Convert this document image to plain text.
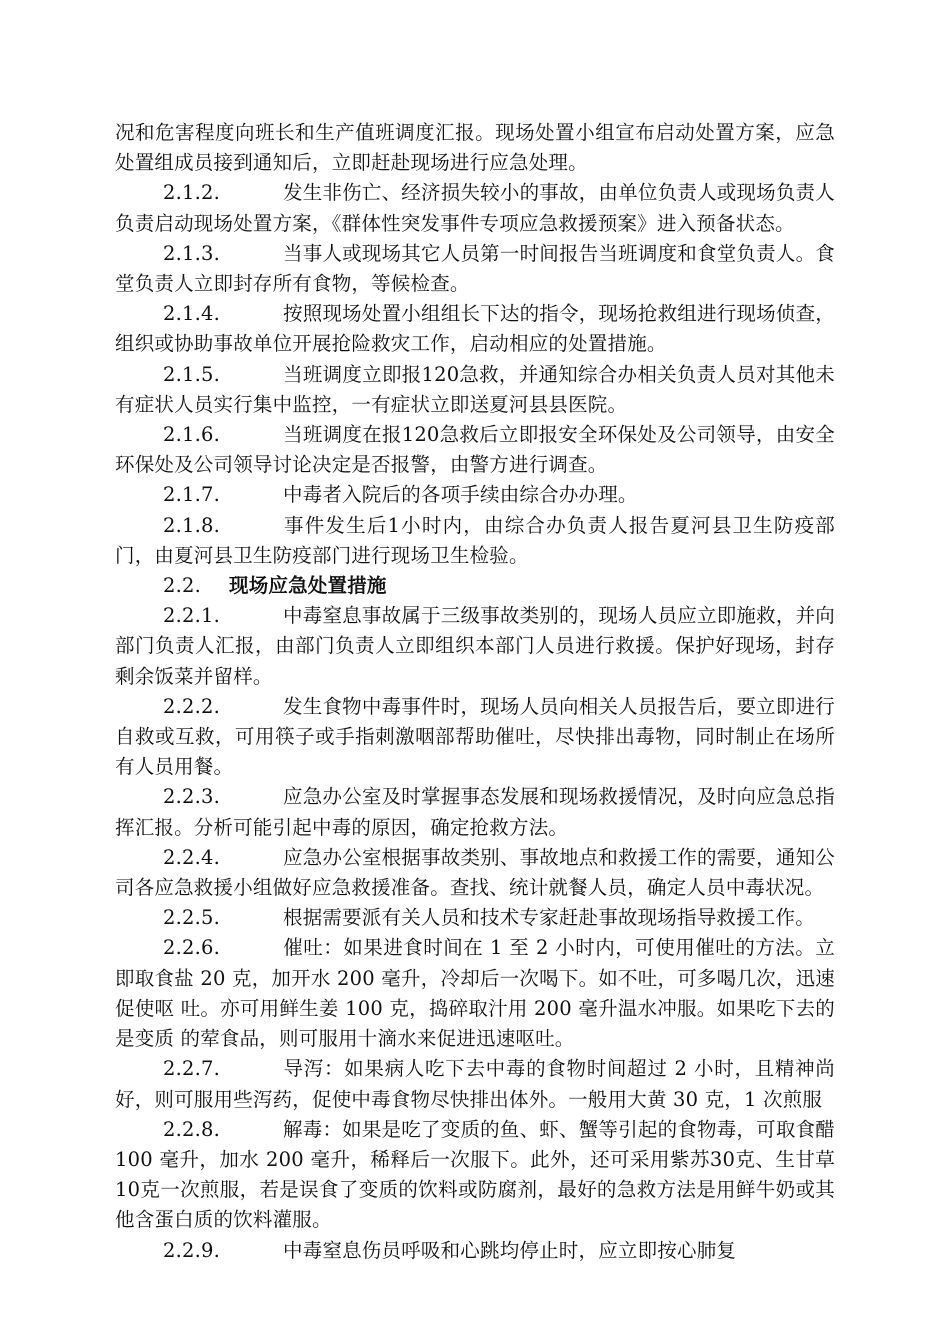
况和危害程度向班长和生产值班调度汇报。现场处置小组宣布启动处置方案，应急处置组成员接到通知后，立即赶赴现场进行应急处理。

2.1.2.	发生非伤亡、经济损失较小的事故，由单位负责人或现场负责人负责启动现场处置方案，《群体性突发事件专项应急救援预案》进入预备状态。

2.1.3.	当事人或现场其它人员第一时间报告当班调度和食堂负责人。食堂负责人立即封存所有食物，等候检查。

2.1.4.	按照现场处置小组组长下达的指令，现场抢救组进行现场侦查，组织或协助事故单位开展抢险救灾工作，启动相应的处置措施。

2.1.5.	当班调度立即报120急救，并通知综合办相关负责人员对其他未有症状人员实行集中监控，一有症状立即送夏河县县医院。

2.1.6.	当班调度在报120急救后立即报安全环保处及公司领导，由安全环保处及公司领导讨论决定是否报警，由警方进行调查。

2.1.7.	中毒者入院后的各项手续由综合办办理。

2.1.8.	事件发生后1小时内，由综合办负责人报告夏河县卫生防疫部门，由夏河县卫生防疫部门进行现场卫生检验。

2.2. 现场应急处置措施

2.2.1.	中毒窒息事故属于三级事故类别的，现场人员应立即施救，并向部门负责人汇报，由部门负责人立即组织本部门人员进行救援。保护好现场，封存剩余饭菜并留样。

2.2.2.	发生食物中毒事件时，现场人员向相关人员报告后，要立即进行自救或互救，可用筷子或手指刺激咽部帮助催吐，尽快排出毒物，同时制止在场所有人员用餐。

2.2.3.	应急办公室及时掌握事态发展和现场救援情况，及时向应急总指挥汇报。分析可能引起中毒的原因，确定抢救方法。

2.2.4.	应急办公室根据事故类别、事故地点和救援工作的需要，通知公司各应急救援小组做好应急救援准备。查找、统计就餐人员，确定人员中毒状况。

2.2.5.	根据需要派有关人员和技术专家赶赴事故现场指导救援工作。

2.2.6.	催吐：如果进食时间在 1 至 2 小时内，可使用催吐的方法。立即取食盐 20 克，加开水 200 毫升，冷却后一次喝下。如不吐，可多喝几次，迅速促使呕 吐。亦可用鲜生姜 100 克，捣碎取汁用 200 毫升温水冲服。如果吃下去的是变质 的荤食品，则可服用十滴水来促进迅速呕吐。

2.2.7.	导泻：如果病人吃下去中毒的食物时间超过 2 小时，且精神尚好，则可服用些泻药，促使中毒食物尽快排出体外。一般用大黄 30 克，1 次煎服

2.2.8.	解毒：如果是吃了变质的鱼、虾、蟹等引起的食物毒，可取食醋 100 毫升，加水 200 毫升，稀释后一次服下。此外，还可采用紫苏30克、生甘草10克一次煎服，若是误食了变质的饮料或防腐剂，最好的急救方法是用鲜牛奶或其 他含蛋白质的饮料灌服。

2.2.9.	中毒窒息伤员呼吸和心跳均停止时，应立即按心肺复
